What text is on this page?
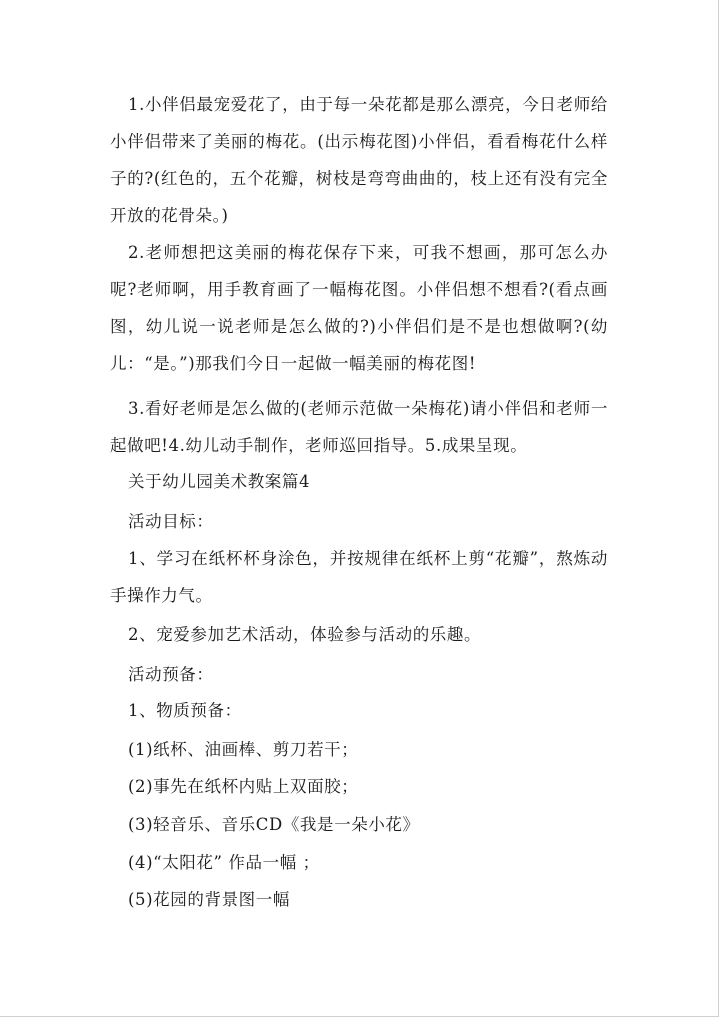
1.小伴侣最宠爱花了，由于每一朵花都是那么漂亮，今日老师给小伴侣带来了美丽的梅花。(出示梅花图)小伴侣，看看梅花什么样子的?(红色的，五个花瓣，树枝是弯弯曲曲的，枝上还有没有完全开放的花骨朵。)

2.老师想把这美丽的梅花保存下来，可我不想画，那可怎么办呢?老师啊，用手教育画了一幅梅花图。小伴侣想不想看?(看点画图，幼儿说一说老师是怎么做的?)小伴侣们是不是也想做啊?(幼儿：“是。”)那我们今日一起做一幅美丽的梅花图!

3.看好老师是怎么做的(老师示范做一朵梅花)请小伴侣和老师一起做吧!4.幼儿动手制作，老师巡回指导。5.成果呈现。

关于幼儿园美术教案篇4

活动目标：

1、学习在纸杯杯身涂色，并按规律在纸杯上剪“花瓣”，熬炼动手操作力气。

2、宠爱参加艺术活动，体验参与活动的乐趣。

活动预备：

1、物质预备：

(1)纸杯、油画棒、剪刀若干；

(2)事先在纸杯内贴上双面胶；

(3)轻音乐、音乐CD《我是一朵小花》

(4)“太阳花” 作品一幅 ；

(5)花园的背景图一幅
